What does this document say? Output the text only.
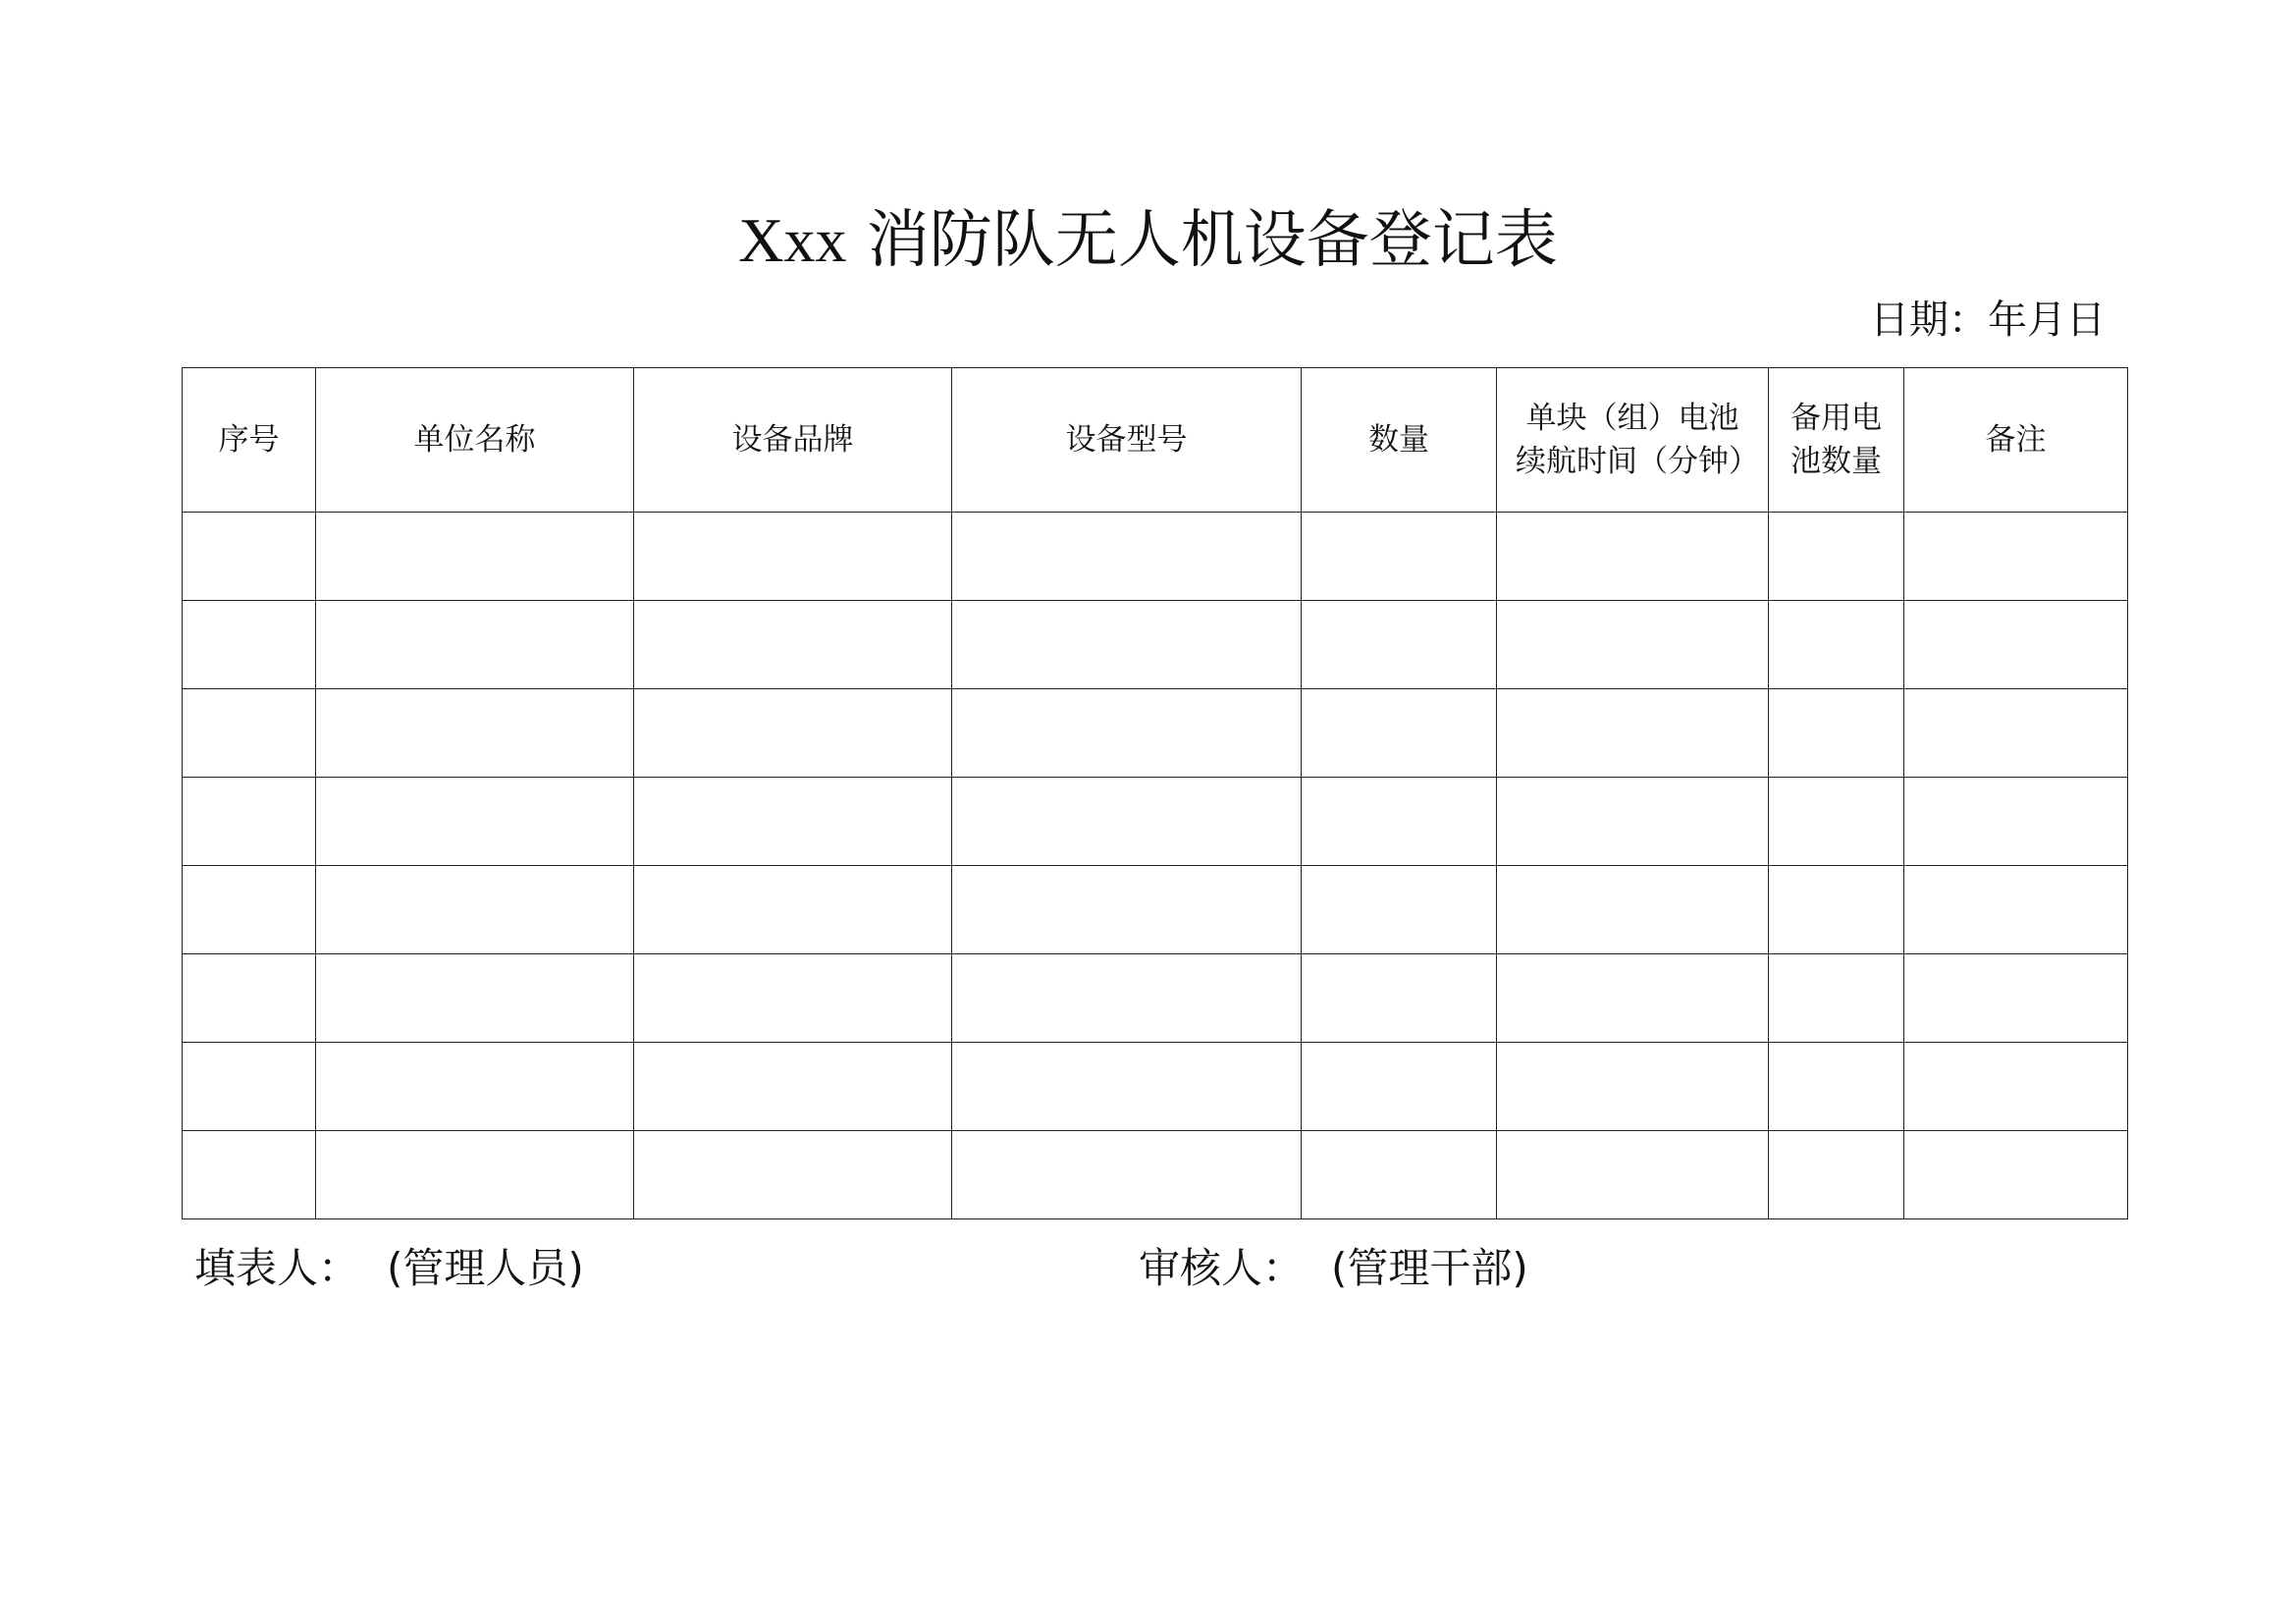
Xxx 消防队无人机设备登记表
日期：年月日
序号	单位名称	设备品牌	设备型号	数量	单块（组）电池续航时间（分钟）	备用电池数量	备注

填表人： (管理人员)	审核人： (管理干部)
